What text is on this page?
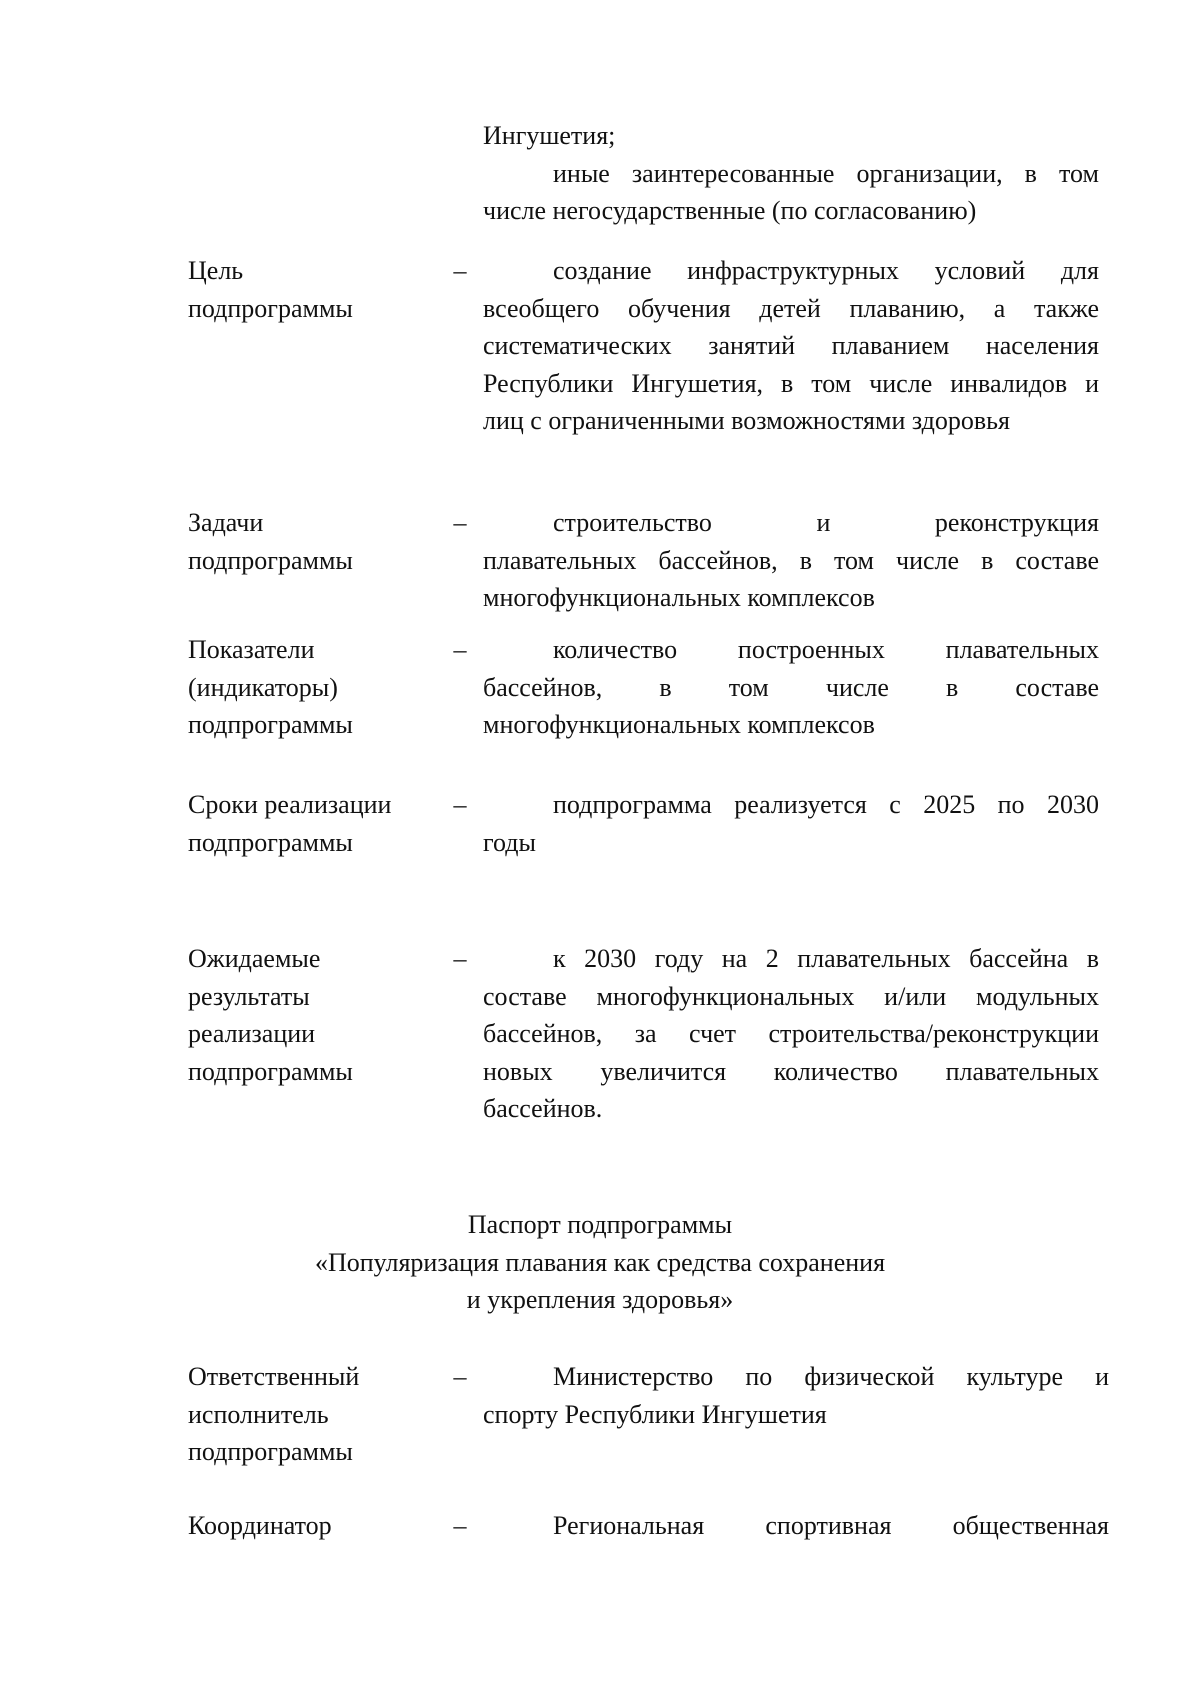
Ингушетия;
иные заинтересованные организации, в том
числе негосударственные (по согласованию)
Цель
подпрограммы
–	создание инфраструктурных условий для
всеобщего обучения детей плаванию, а также
систематических занятий плаванием населения
Республики Ингушетия, в том числе инвалидов и
лиц с ограниченными возможностями здоровья
Задачи
подпрограммы
–	строительство и реконструкция
плавательных бассейнов, в том числе в составе
многофункциональных комплексов
Показатели
(индикаторы)
подпрограммы
–	количество построенных плавательных
бассейнов, в том числе в составе
многофункциональных комплексов
Сроки реализации
подпрограммы
–	подпрограмма реализуется с 2025 по 2030
годы
Ожидаемые
результаты
реализации
подпрограммы
–	к 2030 году на 2 плавательных бассейна в
составе многофункциональных и/или модульных
бассейнов, за счет строительства/реконструкции
новых увеличится количество плавательных
бассейнов.
Паспорт подпрограммы
«Популяризация плавания как средства сохранения
и укрепления здоровья»
Ответственный
исполнитель
подпрограммы
–	Министерство по физической культуре и
спорту Республики Ингушетия
Координатор	–	Региональная спортивная общественная
